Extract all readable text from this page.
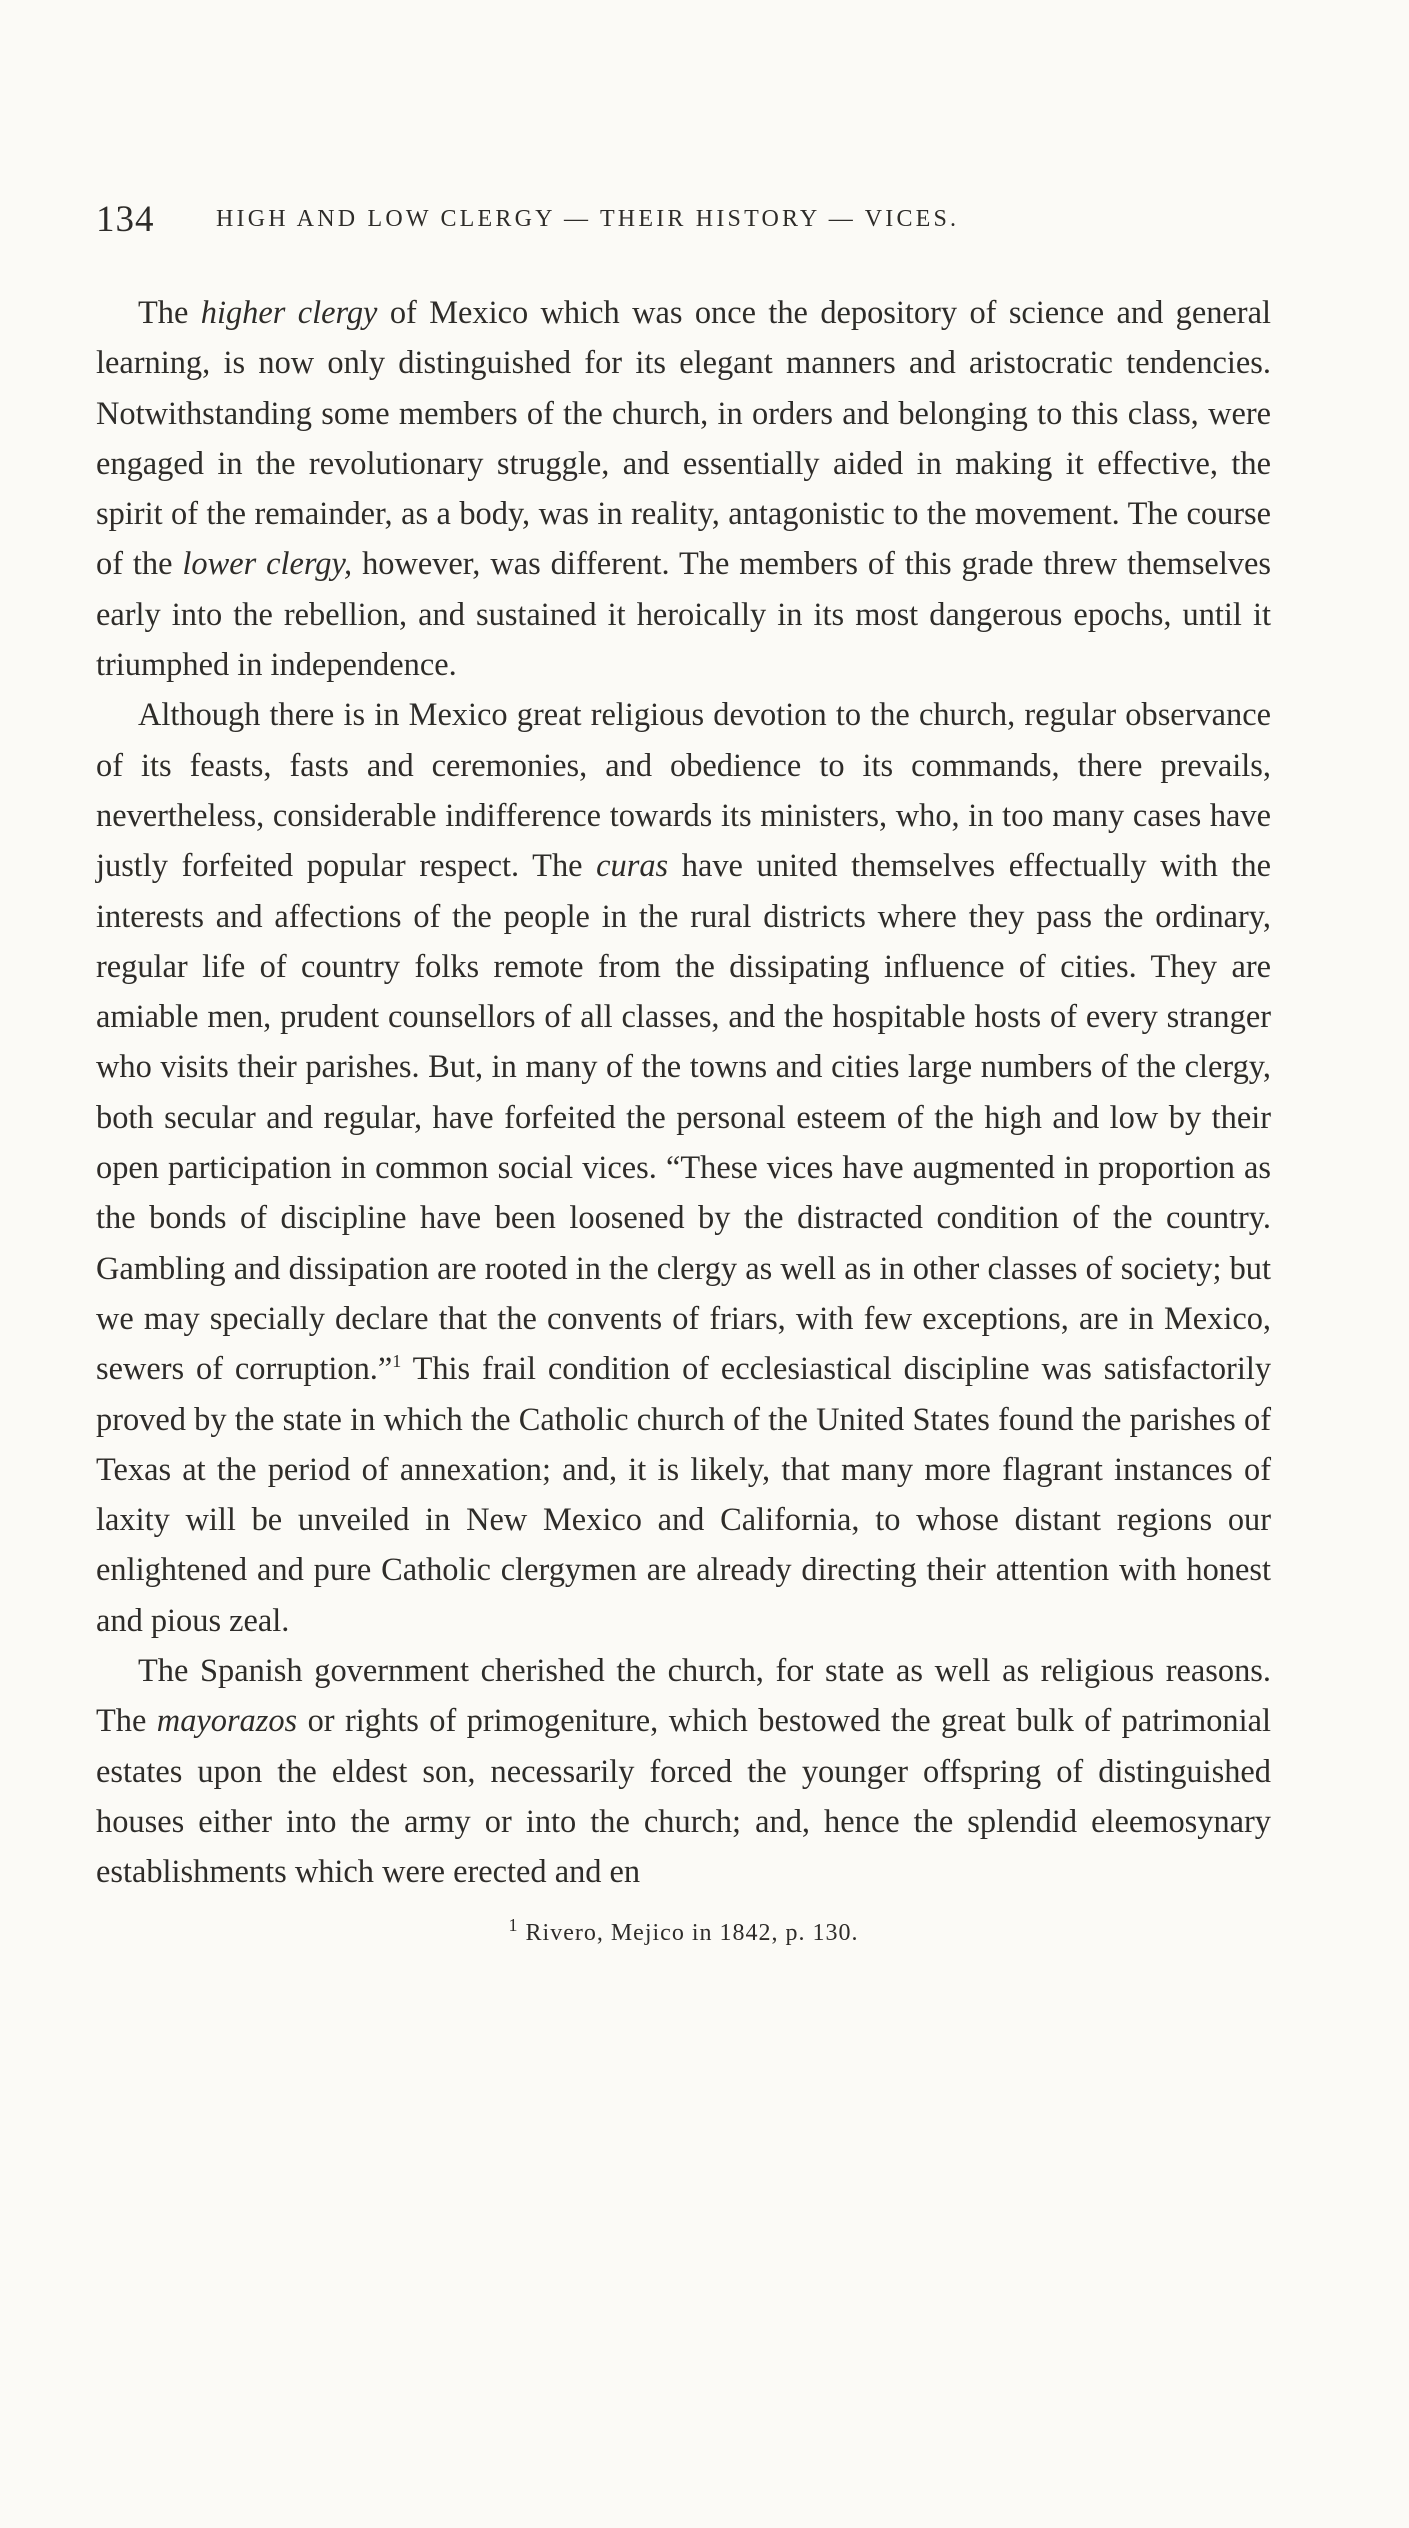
134	HIGH AND LOW CLERGY — THEIR HISTORY — VICES.

The higher clergy of Mexico which was once the depository of science and general learning, is now only distinguished for its elegant manners and aristocratic tendencies. Notwithstanding some members of the church, in orders and belonging to this class, were engaged in the revolutionary struggle, and essentially aided in making it effective, the spirit of the remainder, as a body, was in reality, antagonistic to the movement. The course of the lower clergy, however, was different. The members of this grade threw themselves early into the rebellion, and sustained it heroically in its most dangerous epochs, until it triumphed in independence.

Although there is in Mexico great religious devotion to the church, regular observance of its feasts, fasts and ceremonies, and obedience to its commands, there prevails, nevertheless, considerable indifference towards its ministers, who, in too many cases have justly forfeited popular respect. The curas have united themselves effectually with the interests and affections of the people in the rural districts where they pass the ordinary, regular life of country folks remote from the dissipating influence of cities. They are amiable men, prudent counsellors of all classes, and the hospitable hosts of every stranger who visits their parishes. But, in many of the towns and cities large numbers of the clergy, both secular and regular, have forfeited the personal esteem of the high and low by their open participation in common social vices. “These vices have augmented in proportion as the bonds of discipline have been loosened by the distracted condition of the country. Gambling and dissipation are rooted in the clergy as well as in other classes of society; but we may specially declare that the convents of friars, with few exceptions, are in Mexico, sewers of corruption.”$^1$ This frail condition of ecclesiastical discipline was satisfactorily proved by the state in which the Catholic church of the United States found the parishes of Texas at the period of annexation; and, it is likely, that many more flagrant instances of laxity will be unveiled in New Mexico and California, to whose distant regions our enlightened and pure Catholic clergymen are already directing their attention with honest and pious zeal.

The Spanish government cherished the church, for state as well as religious reasons. The mayorazos or rights of primogeniture, which bestowed the great bulk of patrimonial estates upon the eldest son, necessarily forced the younger offspring of distinguished houses either into the army or into the church; and, hence the splendid eleemosynary establishments which were erected and en

$^1$ Rivero, Mejico in 1842, p. 130.
